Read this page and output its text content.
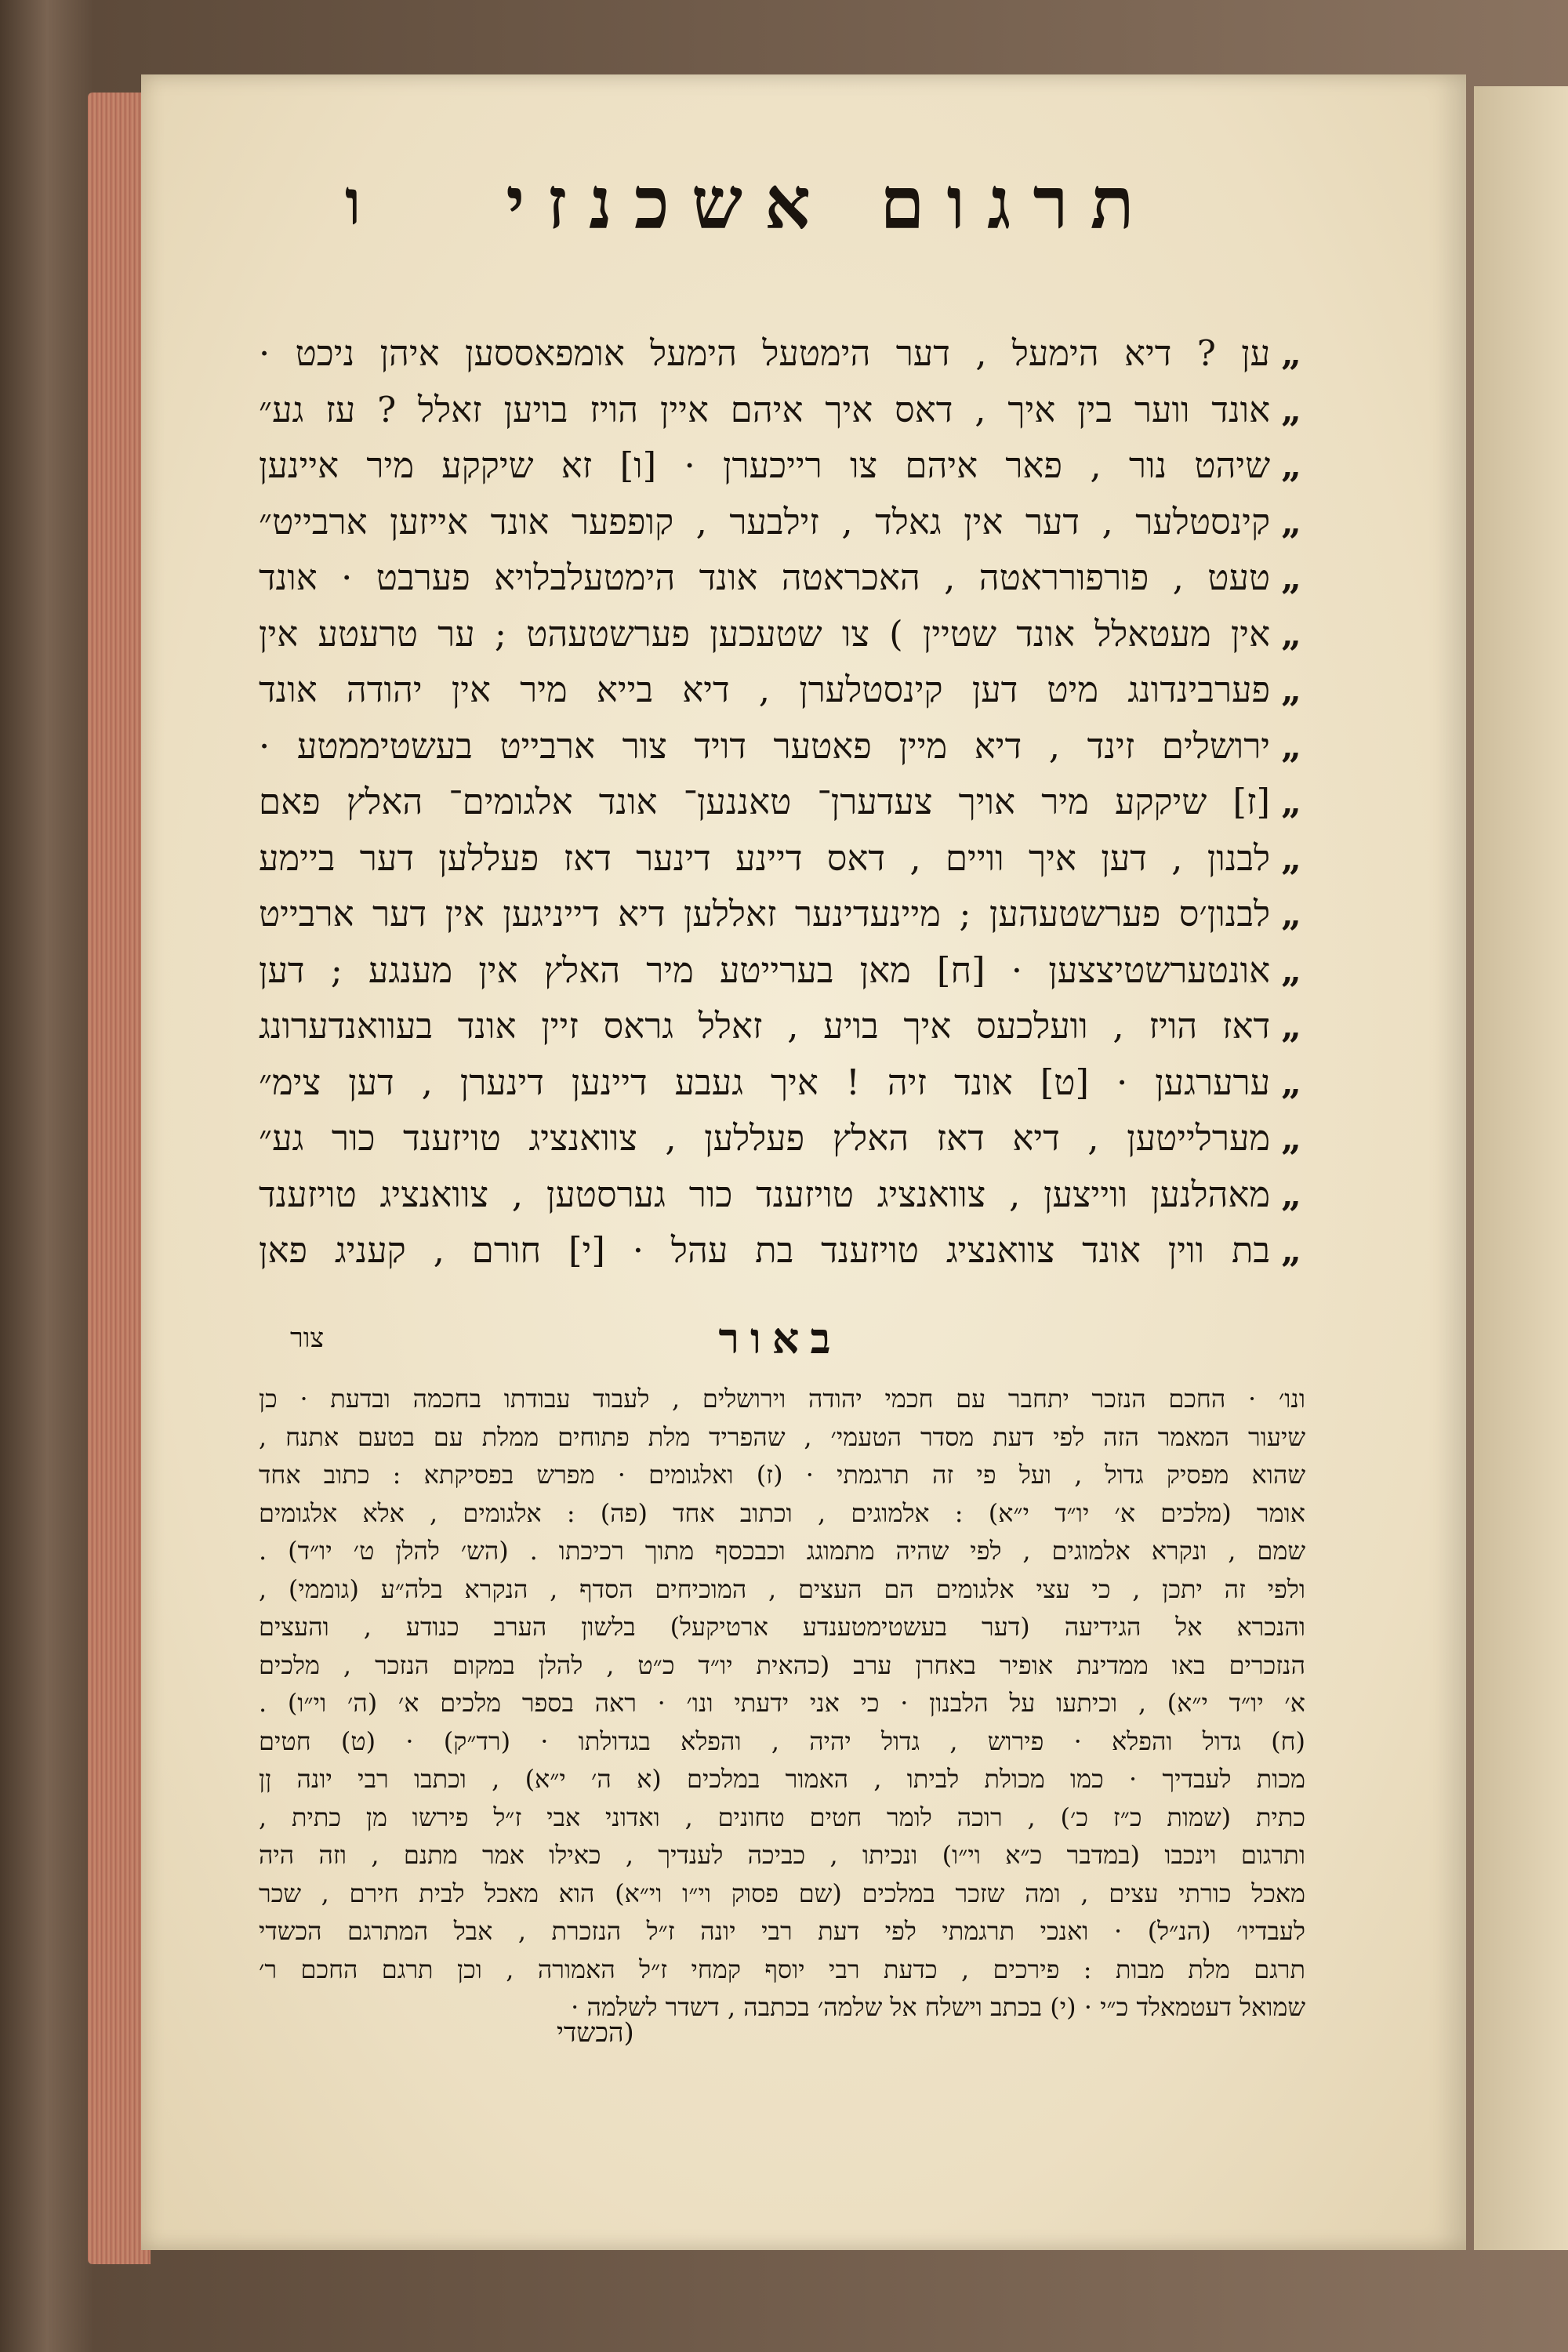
תרגום אשכנזי
ו
„
ען ? דיא הימעל , דער הימטעל הימעל אומפאססען איהן ניכט ·
„
אונד ווער בין איך , דאס איך איהם איין הויז בויען זאלל ? עז גע״
„
שיהט נור , פאר איהם צו רייכערן · [ו] זא שיקקע מיר איינען
„
קינסטלער , דער אין גאלד , זילבער , קופפער אונד אייזען ארבייט״
„
טעט , פורפורראטה , האכראטה אונד הימטעלבלויא פערבט · אונד
„
אין מעטאלל אונד שטיין ) צו שטעכען פערשטעהט ; ער טרעטע אין
„
פערבינדונג מיט דען קינסטלערן , דיא בייא מיר אין יהודה אונד
„
ירושלים זינד , דיא מיין פאטער דויד צור ארבייט בעשטיממטע ·
„
[ז] שיקקע מיר אויך צעדערן־ טאננען־ אונד אלגומים־ האלץ פאם
„
לבנון , דען איך וויים , דאס דיינע דינער דאז פעללען דער ביימע
„
לבנון׳ס פערשטעהען ; מיינעדינער זאללען דיא דייניגען אין דער ארבייט
„
אונטערשטיצצען · [ח] מאן בערייטע מיר האלץ אין מענגע ; דען
„
דאז הויז , וועלכעס איך בויע , זאלל גראס זיין אונד בעוואנדערונג
„
ערערגען · [ט] אונד זיה ! איך געבע דיינען דינערן , דען צימ״
„
מערלייטען , דיא דאז האלץ פעללען , צוואנציג טויזענד כור גע״
„
מאהלנען ווייצען , צוואנציג טויזענד כור גערסטען , צוואנציג טויזענד
„
בת ווין אונד צוואנציג טויזענד בת עהל · [י] חורם , קעניג פאן
באור
צור
ונו׳ · החכם הנזכר יתחבר עם חכמי יהודה וירושלים , לעבוד עבודתו בחכמה ובדעת · כן
שיעור המאמר הזה לפי דעת מסדר הטעמי׳ , שהפריד מלת פתוחים ממלת עם בטעם אתנח ,
שהוא מפסיק גדול , ועל פי זה תרגמתי · (ז) ואלגומים · מפרש בפסיקתא : כתוב אחד
אומר (מלכים א׳ יו״ד י״א) : אלמוגים , וכתוב אחד (פה) : אלגומים , אלא אלגומים
שמם , ונקרא אלמוגים , לפי שהיה מתמוגג וכבכסף מתוך רכיכתו . (הש׳ להלן ט׳ יו״ד) .
ולפי זה יתכן , כי עצי אלגומים הם העצים , המוכיחים הסדף , הנקרא בלה״ע (גוממי) ,
והנכרא אל הגידיעה (דער בעשטימטענדע ארטיקעל) בלשון הערב כנודע , והעצים
הנזכרים באו ממדינת אופיר באחרן ערב (כהאית יו״ד כ״ט , להלן במקום הנזכר , מלכים
א׳ יו״ד י״א) , וכיתעו על הלבנון · כי אני ידעתי ונו׳ · ראה בספר מלכים א׳ (ה׳ וי״ו) .
(ח) גדול והפלא · פירוש , גדול יהיה , והפלא בגדולתו · (רד״ק) · (ט) חטים
מכות לעבדיך · כמו מכולת לביתו , האמור במלכים (א ה׳ י״א) , וכתבו רבי יונה ןן
כתית (שמות כ״ז כ׳) , רוכה לומר חטים טחונים , ואדוני אבי ז״ל פירשו מן כתית ,
ותרגום וינכבו (במדבר כ״א וי״ו) ונכיתו , כביכה לענדיך , כאילו אמר מתנם , וזה היה
מאכל כורתי עצים , ומה שזכר במלכים (שם פסוק וי״ו וי״א) הוא מאכל לבית חירם , שכר
לעבדיו׳ (הנ״ל) · ואנכי תרגמתי לפי דעת רבי יונה ז״ל הנזכרת , אבל המתרגם הכשדי
תרגם מלת מבות : פירכים , כדעת רבי יוסף קמחי ז״ל האמורה , וכן תרגם החכם ר׳
שמואל דעטמאלד כ״י · (י) בכתב וישלח אל שלמה׳ בכתבה , דשדר לשלמה ·
(הכשדי
